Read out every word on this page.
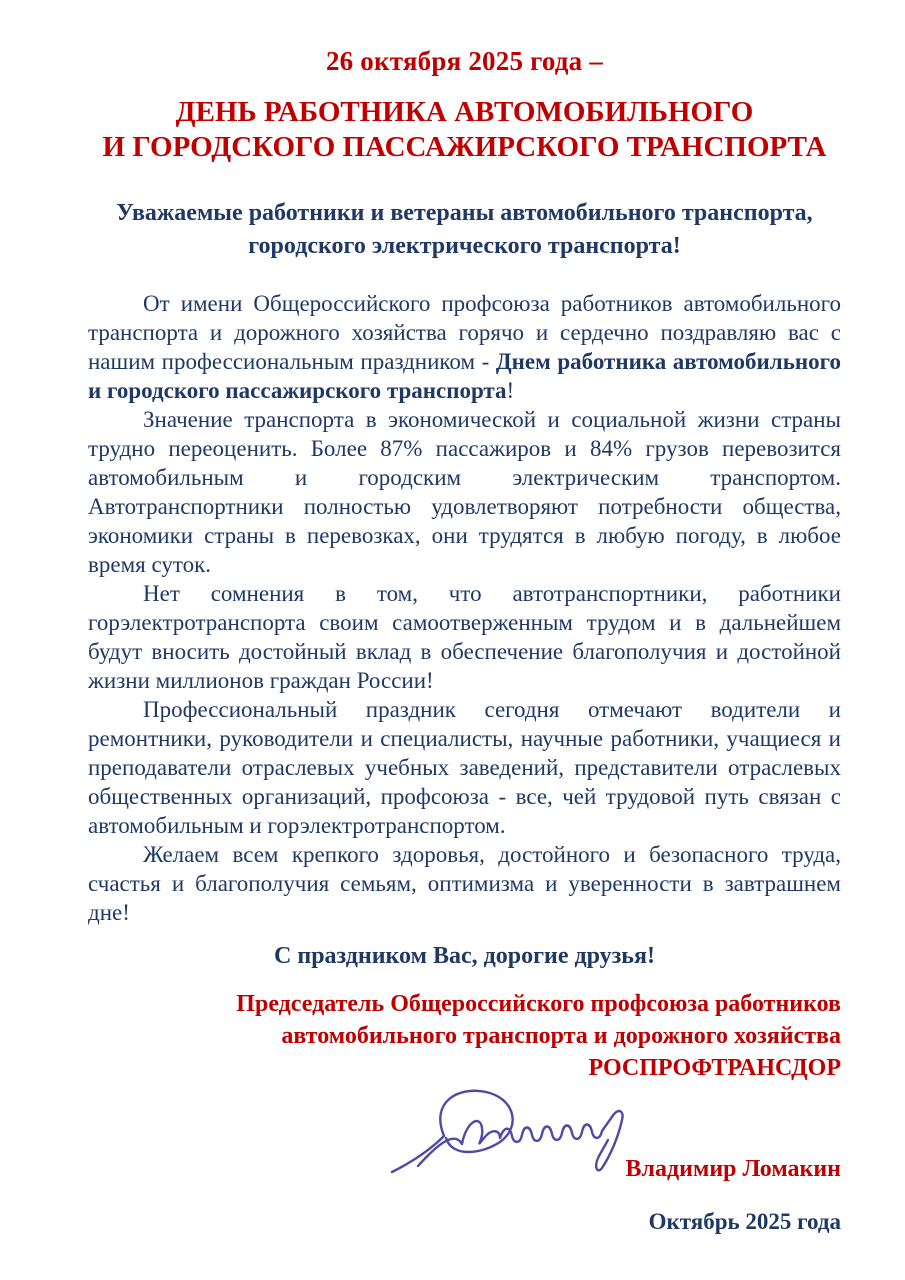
26 октября 2025 года –
ДЕНЬ РАБОТНИКА АВТОМОБИЛЬНОГО
И ГОРОДСКОГО ПАССАЖИРСКОГО ТРАНСПОРТА
Уважаемые работники и ветераны автомобильного транспорта,
городского электрического транспорта!

От имени Общероссийского профсоюза работников автомобильного транспорта и дорожного хозяйства горячо и сердечно поздравляю вас с нашим профессиональным праздником - Днем работника автомобильного и городского пассажирского транспорта!

Значение транспорта в экономической и социальной жизни страны трудно переоценить. Более 87% пассажиров и 84% грузов перевозится автомобильным и городским электрическим транспортом. Автотранспортники полностью удовлетворяют потребности общества, экономики страны в перевозках, они трудятся в любую погоду, в любое время суток.

Нет сомнения в том, что автотранспортники, работники горэлектротранспорта своим самоотверженным трудом и в дальнейшем будут вносить достойный вклад в обеспечение благополучия и достойной жизни миллионов граждан России!

Профессиональный праздник сегодня отмечают водители и ремонтники, руководители и специалисты, научные работники, учащиеся и преподаватели отраслевых учебных заведений, представители отраслевых общественных организаций, профсоюза - все, чей трудовой путь связан с автомобильным и горэлектротранспортом.

Желаем всем крепкого здоровья, достойного и безопасного труда, счастья и благополучия семьям, оптимизма и уверенности в завтрашнем дне!

С праздником Вас, дорогие друзья!
Председатель Общероссийского профсоюза работников
автомобильного транспорта и дорожного хозяйства
РОСПРОФТРАНСДОР
Владимир Ломакин
Октябрь 2025 года
